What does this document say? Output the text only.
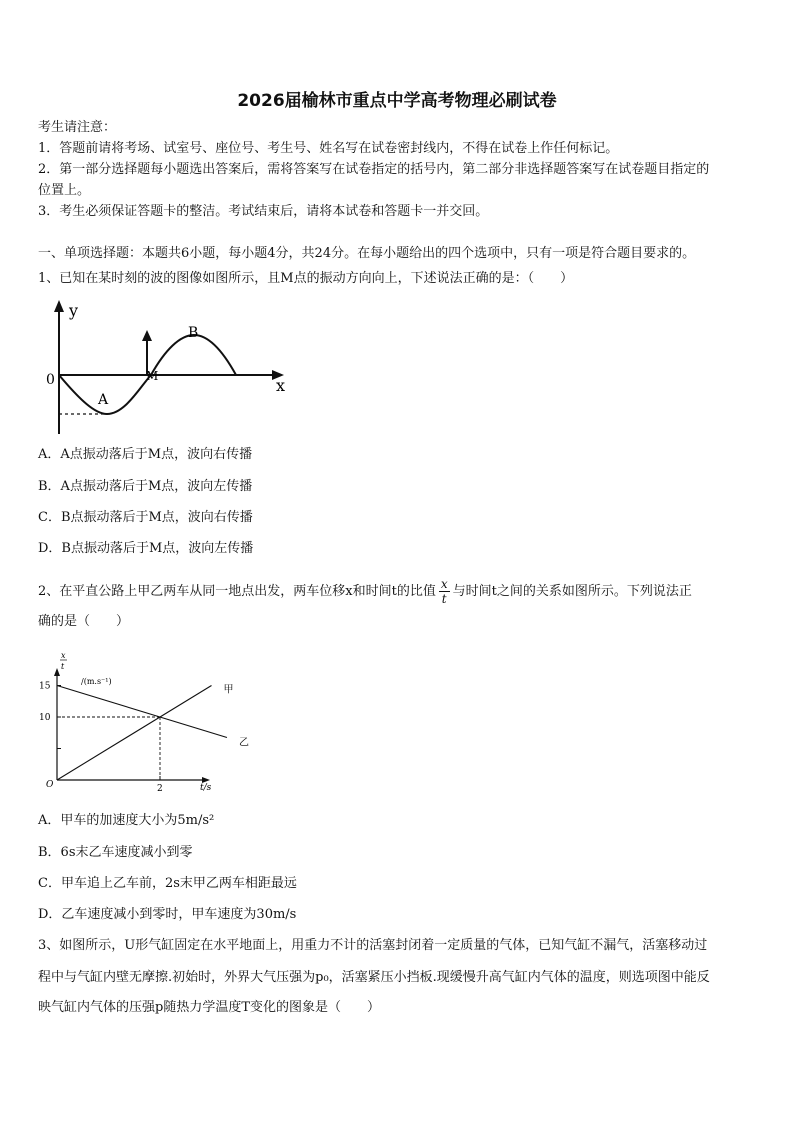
2026届榆林市重点中学高考物理必刷试卷
考生请注意：
1．答题前请将考场、试室号、座位号、考生号、姓名写在试卷密封线内，不得在试卷上作任何标记。
2．第一部分选择题每小题选出答案后，需将答案写在试卷指定的括号内，第二部分非选择题答案写在试卷题目指定的
位置上。
3．考生必须保证答题卡的整洁。考试结束后，请将本试卷和答题卡一并交回。
一、单项选择题：本题共6小题，每小题4分，共24分。在每小题给出的四个选项中，只有一项是符合题目要求的。
1、已知在某时刻的波的图像如图所示，且M点的振动方向向上，下述说法正确的是：（　　）
y
x
0
A
B
M
A．A点振动落后于M点，波向右传播
B．A点振动落后于M点，波向左传播
C．B点振动落后于M点，波向右传播
D．B点振动落后于M点，波向左传播
2、在平直公路上甲乙两车从同一地点出发，两车位移x和时间t的比值 $\frac{x}{t}$ 与时间t之间的关系如图所示。下列说法正
确的是（　　）
x
t
/(m.s⁻¹)
t/s
O
15
10
2
甲
乙
A．甲车的加速度大小为5m/s²
B．6s末乙车速度减小到零
C．甲车追上乙车前，2s末甲乙两车相距最远
D．乙车速度减小到零时，甲车速度为30m/s
3、如图所示，U形气缸固定在水平地面上，用重力不计的活塞封闭着一定质量的气体，已知气缸不漏气，活塞移动过
程中与气缸内壁无摩擦.初始时，外界大气压强为p₀，活塞紧压小挡板.现缓慢升高气缸内气体的温度，则选项图中能反
映气缸内气体的压强p随热力学温度T变化的图象是（　　）
